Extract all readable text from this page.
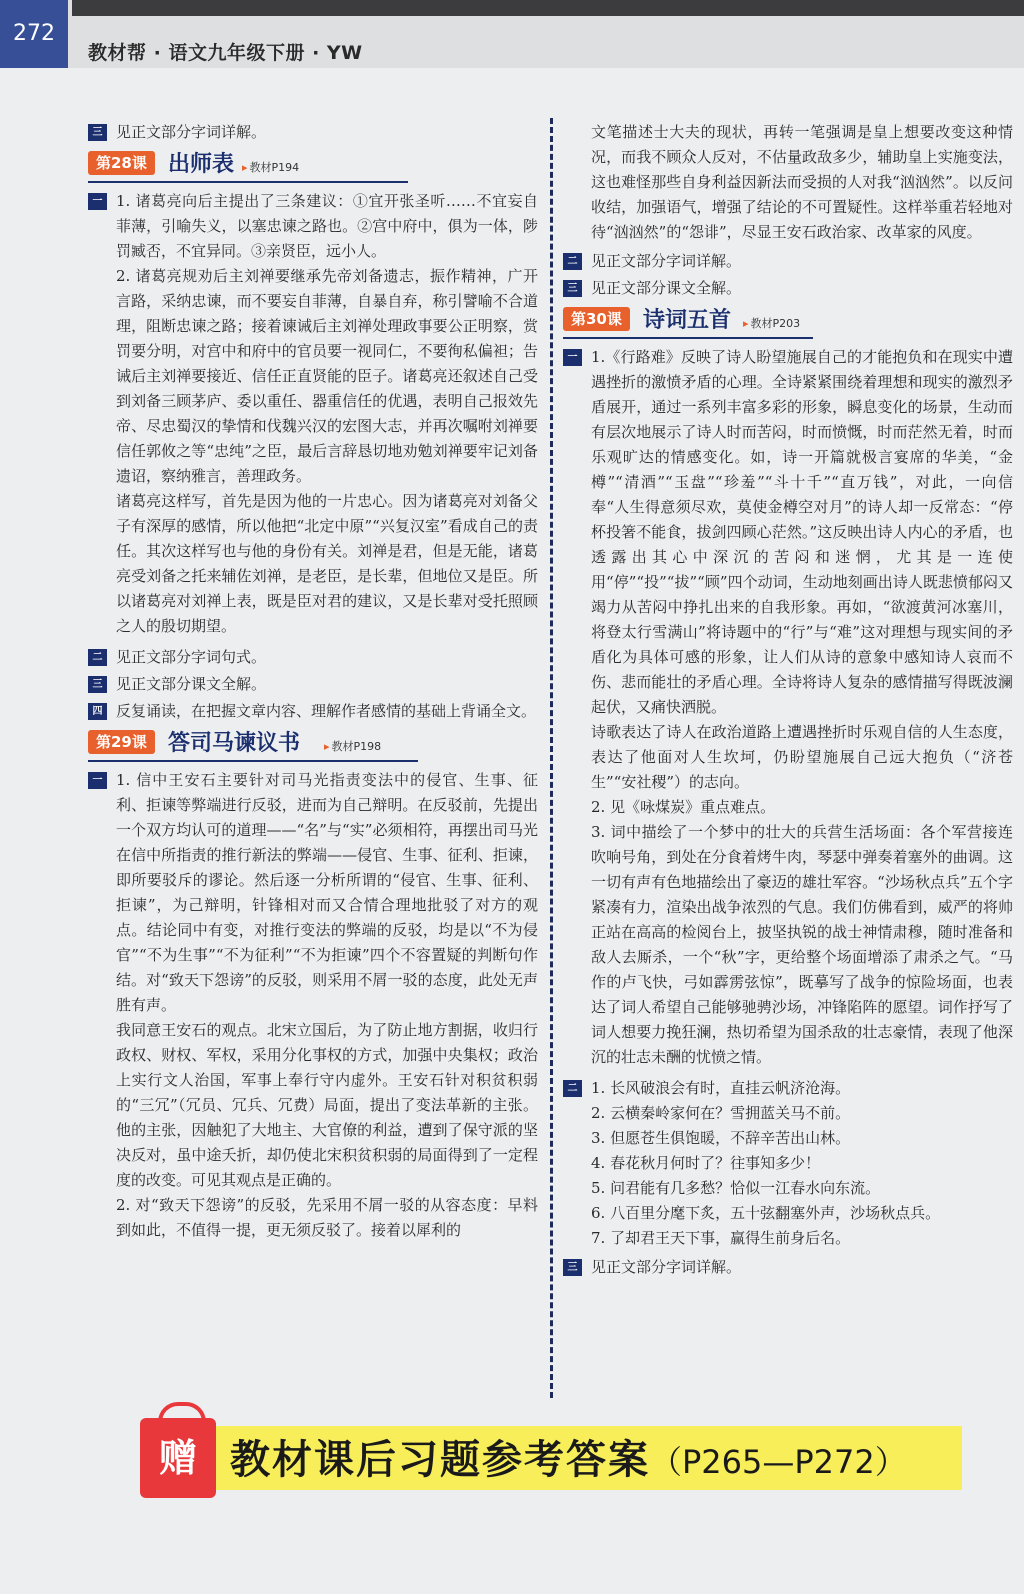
272
教材帮 · 语文九年级下册 · YW
三 见正文部分字词详解。

第28课 出师表	▸ 教材P194
一 1. 诸葛亮向后主提出了三条建议：①宜开张圣听……不宜妄自菲薄，引喻失义，以塞忠谏之路也。②宫中府中，俱为一体，陟罚臧否，不宜异同。③亲贤臣，远小人。

2. 诸葛亮规劝后主刘禅要继承先帝刘备遗志，振作精神，广开言路，采纳忠谏，而不要妄自菲薄，自暴自弃，称引譬喻不合道理，阻断忠谏之路；接着谏诫后主刘禅处理政事要公正明察，赏罚要分明，对宫中和府中的官员要一视同仁，不要徇私偏袒；告诫后主刘禅要接近、信任正直贤能的臣子。诸葛亮还叙述自己受到刘备三顾茅庐、委以重任、器重信任的优遇，表明自己报效先帝、尽忠蜀汉的挚情和伐魏兴汉的宏图大志，并再次嘱咐刘禅要信任郭攸之等“忠纯”之臣，最后言辞恳切地劝勉刘禅要牢记刘备遗诏，察纳雅言，善理政务。

诸葛亮这样写，首先是因为他的一片忠心。因为诸葛亮对刘备父子有深厚的感情，所以他把“北定中原”“兴复汉室”看成自己的责任。其次这样写也与他的身份有关。刘禅是君，但是无能，诸葛亮受刘备之托来辅佐刘禅，是老臣，是长辈，但地位又是臣。所以诸葛亮对刘禅上表，既是臣对君的建议，又是长辈对受托照顾之人的殷切期望。

二 见正文部分字词句式。

三 见正文部分课文全解。

四 反复诵读，在把握文章内容、理解作者感情的基础上背诵全文。

第29课 答司马谏议书	▸ 教材P198
一 1. 信中王安石主要针对司马光指责变法中的侵官、生事、征利、拒谏等弊端进行反驳，进而为自己辩明。在反驳前，先提出一个双方均认可的道理——“名”与“实”必须相符，再摆出司马光在信中所指责的推行新法的弊端——侵官、生事、征利、拒谏，即所要驳斥的谬论。然后逐一分析所谓的“侵官、生事、征利、拒谏”，为己辩明，针锋相对而又合情合理地批驳了对方的观点。结论同中有变，对推行变法的弊端的反驳，均是以“不为侵官”“不为生事”“不为征利”“不为拒谏”四个不容置疑的判断句作结。对“致天下怨谤”的反驳，则采用不屑一驳的态度，此处无声胜有声。

我同意王安石的观点。北宋立国后，为了防止地方割据，收归行政权、财权、军权，采用分化事权的方式，加强中央集权；政治上实行文人治国，军事上奉行守内虚外。王安石针对积贫积弱的“三冗”（冗员、冗兵、冗费）局面，提出了变法革新的主张。他的主张，因触犯了大地主、大官僚的利益，遭到了保守派的坚决反对，虽中途夭折，却仍使北宋积贫积弱的局面得到了一定程度的改变。可见其观点是正确的。

2. 对“致天下怨谤”的反驳，先采用不屑一驳的从容态度：早料到如此，不值得一提，更无须反驳了。接着以犀利的

文笔描述士大夫的现状，再转一笔强调是皇上想要改变这种情况，而我不顾众人反对，不估量政敌多少，辅助皇上实施变法，这也难怪那些自身利益因新法而受损的人对我“汹汹然”。以反问收结，加强语气，增强了结论的不可置疑性。这样举重若轻地对待“汹汹然”的“怨诽”，尽显王安石政治家、改革家的风度。

二 见正文部分字词详解。

三 见正文部分课文全解。

第30课 诗词五首	▸ 教材P203
一 1.《行路难》反映了诗人盼望施展自己的才能抱负和在现实中遭遇挫折的激愤矛盾的心理。全诗紧紧围绕着理想和现实的激烈矛盾展开，通过一系列丰富多彩的形象，瞬息变化的场景，生动而有层次地展示了诗人时而苦闷，时而愤慨，时而茫然无着，时而乐观旷达的情感变化。如，诗一开篇就极言宴席的华美，“金樽”“清酒”“玉盘”“珍羞”“斗十千”“直万钱”，对此，一向信奉“人生得意须尽欢，莫使金樽空对月”的诗人却一反常态：“停杯投箸不能食，拔剑四顾心茫然。”这反映出诗人内心的矛盾，也透露出其心中深沉的苦闷和迷惘，尤其是一连使用“停”“投”“拔”“顾”四个动词，生动地刻画出诗人既悲愤郁闷又竭力从苦闷中挣扎出来的自我形象。再如，“欲渡黄河冰塞川，将登太行雪满山”将诗题中的“行”与“难”这对理想与现实间的矛盾化为具体可感的形象，让人们从诗的意象中感知诗人哀而不伤、悲而能壮的矛盾心理。全诗将诗人复杂的感情描写得既波澜起伏，又痛快洒脱。

诗歌表达了诗人在政治道路上遭遇挫折时乐观自信的人生态度，表达了他面对人生坎坷，仍盼望施展自己远大抱负（“济苍生”“安社稷”）的志向。

2. 见《咏煤炭》重点难点。

3. 词中描绘了一个梦中的壮大的兵营生活场面：各个军营接连吹响号角，到处在分食着烤牛肉，琴瑟中弹奏着塞外的曲调。这一切有声有色地描绘出了豪迈的雄壮军容。“沙场秋点兵”五个字紧凑有力，渲染出战争浓烈的气息。我们仿佛看到，威严的将帅正站在高高的检阅台上，披坚执锐的战士神情肃穆，随时准备和敌人去厮杀，一个“秋”字，更给整个场面增添了肃杀之气。“马作的卢飞快，弓如霹雳弦惊”，既摹写了战争的惊险场面，也表达了词人希望自己能够驰骋沙场，冲锋陷阵的愿望。词作抒写了词人想要力挽狂澜，热切希望为国杀敌的壮志豪情，表现了他深沉的壮志未酬的忧愤之情。

二 1. 长风破浪会有时，直挂云帆济沧海。

2. 云横秦岭家何在？雪拥蓝关马不前。

3. 但愿苍生俱饱暖，不辞辛苦出山林。

4. 春花秋月何时了？往事知多少！

5. 问君能有几多愁？恰似一江春水向东流。

6. 八百里分麾下炙，五十弦翻塞外声，沙场秋点兵。

7. 了却君王天下事，赢得生前身后名。

三 见正文部分字词详解。

赠 教材课后习题参考答案（P265—P272）
